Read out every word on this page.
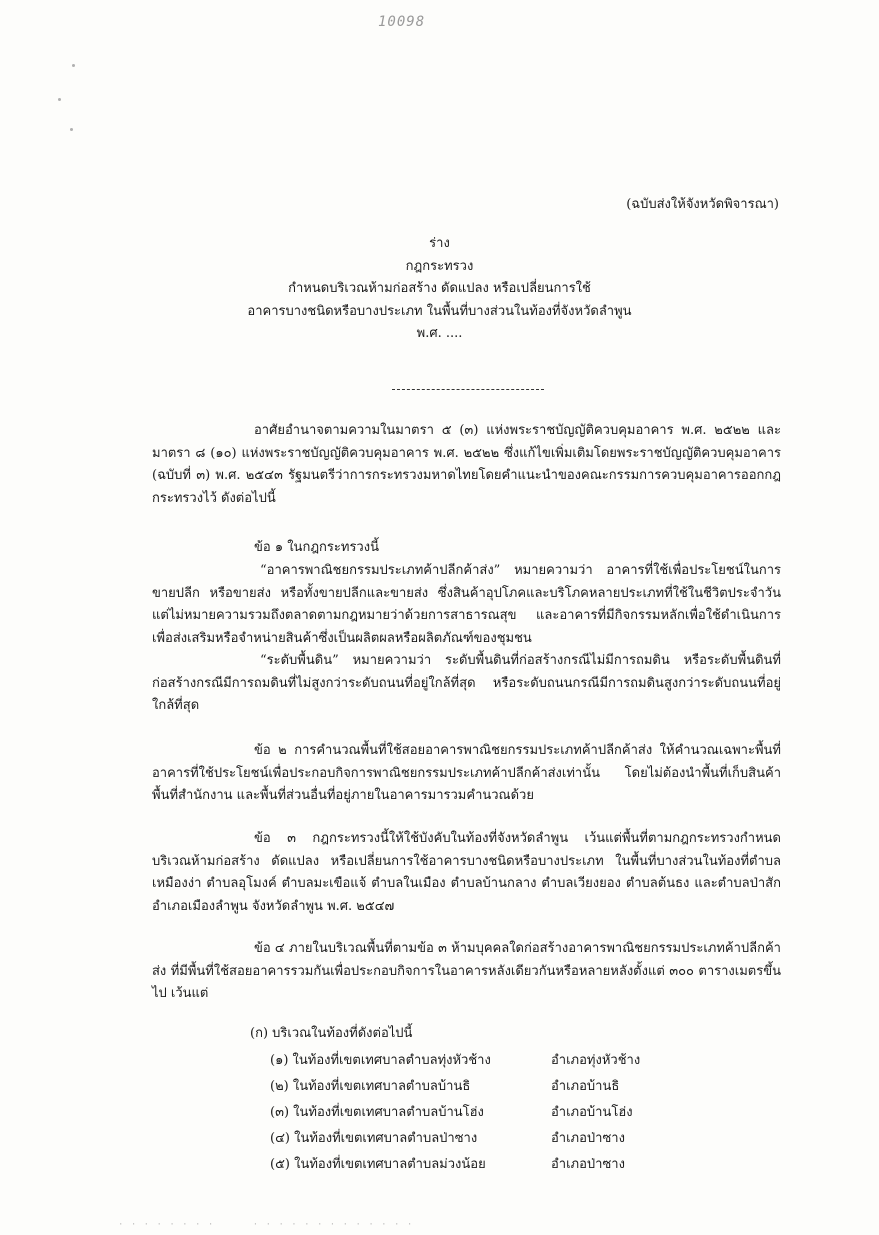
10098
(ฉบับส่งให้จังหวัดพิจารณา)
ร่าง
กฎกระทรวง
กำหนดบริเวณห้ามก่อสร้าง ดัดแปลง หรือเปลี่ยนการใช้
อาคารบางชนิดหรือบางประเภท ในพื้นที่บางส่วนในท้องที่จังหวัดลำพูน
พ.ศ. ....

อาศัยอำนาจตามความในมาตรา ๕ (๓) แห่งพระราชบัญญัติควบคุมอาคาร พ.ศ. ๒๕๒๒ และมาตรา ๘ (๑๐) แห่งพระราชบัญญัติควบคุมอาคาร พ.ศ. ๒๕๒๒ ซึ่งแก้ไขเพิ่มเติมโดยพระราชบัญญัติควบคุมอาคาร (ฉบับที่ ๓) พ.ศ. ๒๕๔๓ รัฐมนตรีว่าการกระทรวงมหาดไทยโดยคำแนะนำของคณะกรรมการควบคุมอาคารออกกฎกระทรวงไว้ ดังต่อไปนี้

ข้อ ๑ ในกฎกระทรวงนี้

“อาคารพาณิชยกรรมประเภทค้าปลีกค้าส่ง” หมายความว่า อาคารที่ใช้เพื่อประโยชน์ในการขายปลีก หรือขายส่ง หรือทั้งขายปลีกและขายส่ง ซึ่งสินค้าอุปโภคและบริโภคหลายประเภทที่ใช้ในชีวิตประจำวัน แต่ไม่หมายความรวมถึงตลาดตามกฎหมายว่าด้วยการสาธารณสุข และอาคารที่มีกิจกรรมหลักเพื่อใช้ดำเนินการเพื่อส่งเสริมหรือจำหน่ายสินค้าซึ่งเป็นผลิตผลหรือผลิตภัณฑ์ของชุมชน

“ระดับพื้นดิน” หมายความว่า ระดับพื้นดินที่ก่อสร้างกรณีไม่มีการถมดิน หรือระดับพื้นดินที่ก่อสร้างกรณีมีการถมดินที่ไม่สูงกว่าระดับถนนที่อยู่ใกล้ที่สุด หรือระดับถนนกรณีมีการถมดินสูงกว่าระดับถนนที่อยู่ใกล้ที่สุด

ข้อ ๒ การคำนวณพื้นที่ใช้สอยอาคารพาณิชยกรรมประเภทค้าปลีกค้าส่ง ให้คำนวณเฉพาะพื้นที่อาคารที่ใช้ประโยชน์เพื่อประกอบกิจการพาณิชยกรรมประเภทค้าปลีกค้าส่งเท่านั้น โดยไม่ต้องนำพื้นที่เก็บสินค้า พื้นที่สำนักงาน และพื้นที่ส่วนอื่นที่อยู่ภายในอาคารมารวมคำนวณด้วย

ข้อ ๓ กฎกระทรวงนี้ให้ใช้บังคับในท้องที่จังหวัดลำพูน เว้นแต่พื้นที่ตามกฎกระทรวงกำหนดบริเวณห้ามก่อสร้าง ดัดแปลง หรือเปลี่ยนการใช้อาคารบางชนิดหรือบางประเภท ในพื้นที่บางส่วนในท้องที่ตำบลเหมืองง่า ตำบลอุโมงค์ ตำบลมะเขือแจ้ ตำบลในเมือง ตำบลบ้านกลาง ตำบลเวียงยอง ตำบลต้นธง และตำบลป่าสัก อำเภอเมืองลำพูน จังหวัดลำพูน พ.ศ. ๒๕๔๗

ข้อ ๔ ภายในบริเวณพื้นที่ตามข้อ ๓ ห้ามบุคคลใดก่อสร้างอาคารพาณิชยกรรมประเภทค้าปลีกค้าส่ง ที่มีพื้นที่ใช้สอยอาคารรวมกันเพื่อประกอบกิจการในอาคารหลังเดียวกันหรือหลายหลังตั้งแต่ ๓๐๐ ตารางเมตรขึ้นไป เว้นแต่

(ก) บริเวณในท้องที่ดังต่อไปนี้
(๑) ในท้องที่เขตเทศบาลตำบลทุ่งหัวช้าง	อำเภอทุ่งหัวช้าง
(๒) ในท้องที่เขตเทศบาลตำบลบ้านธิ	อำเภอบ้านธิ
(๓) ในท้องที่เขตเทศบาลตำบลบ้านโฮ่ง	อำเภอบ้านโฮ่ง
(๔) ในท้องที่เขตเทศบาลตำบลป่าซาง	อำเภอป่าซาง
(๕) ในท้องที่เขตเทศบาลตำบลม่วงน้อย	อำเภอป่าซาง
· · · · · · · ·      · · · · · · · · · · · · ·
